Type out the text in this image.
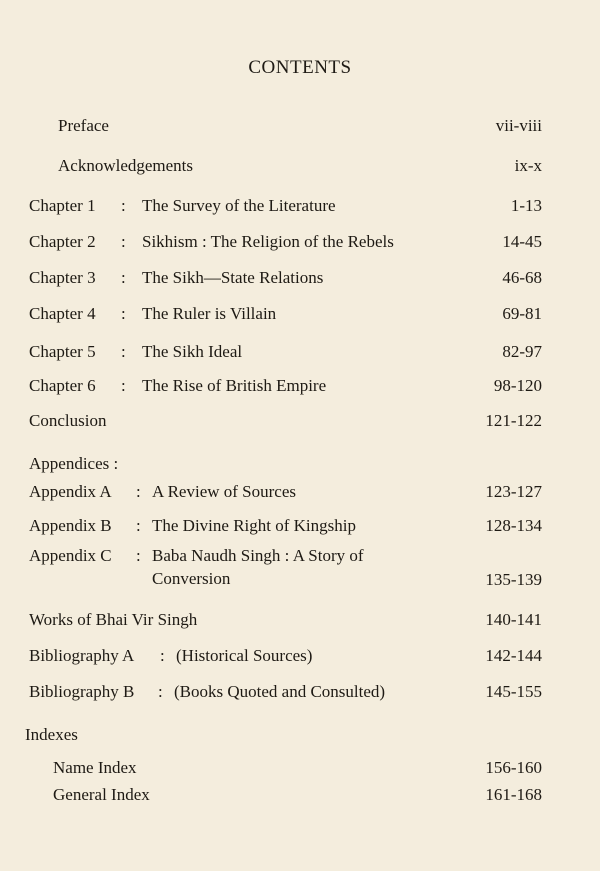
CONTENTS
Preface	vii-viii
Acknowledgements	ix-x
Chapter 1 : The Survey of the Literature	1-13
Chapter 2 : Sikhism : The Religion of the Rebels	14-45
Chapter 3 : The Sikh—State Relations	46-68
Chapter 4 : The Ruler is Villain	69-81
Chapter 5 : The Sikh Ideal	82-97
Chapter 6 : The Rise of British Empire	98-120
Conclusion	121-122
Appendices :
Appendix A : A Review of Sources	123-127
Appendix B : The Divine Right of Kingship	128-134
Appendix C : Baba Naudh Singh : A Story of
Conversion	135-139
Works of Bhai Vir Singh	140-141
Bibliography A : (Historical Sources)	142-144
Bibliography B : (Books Quoted and Consulted)	145-155
Indexes
Name Index	156-160
General Index	161-168
